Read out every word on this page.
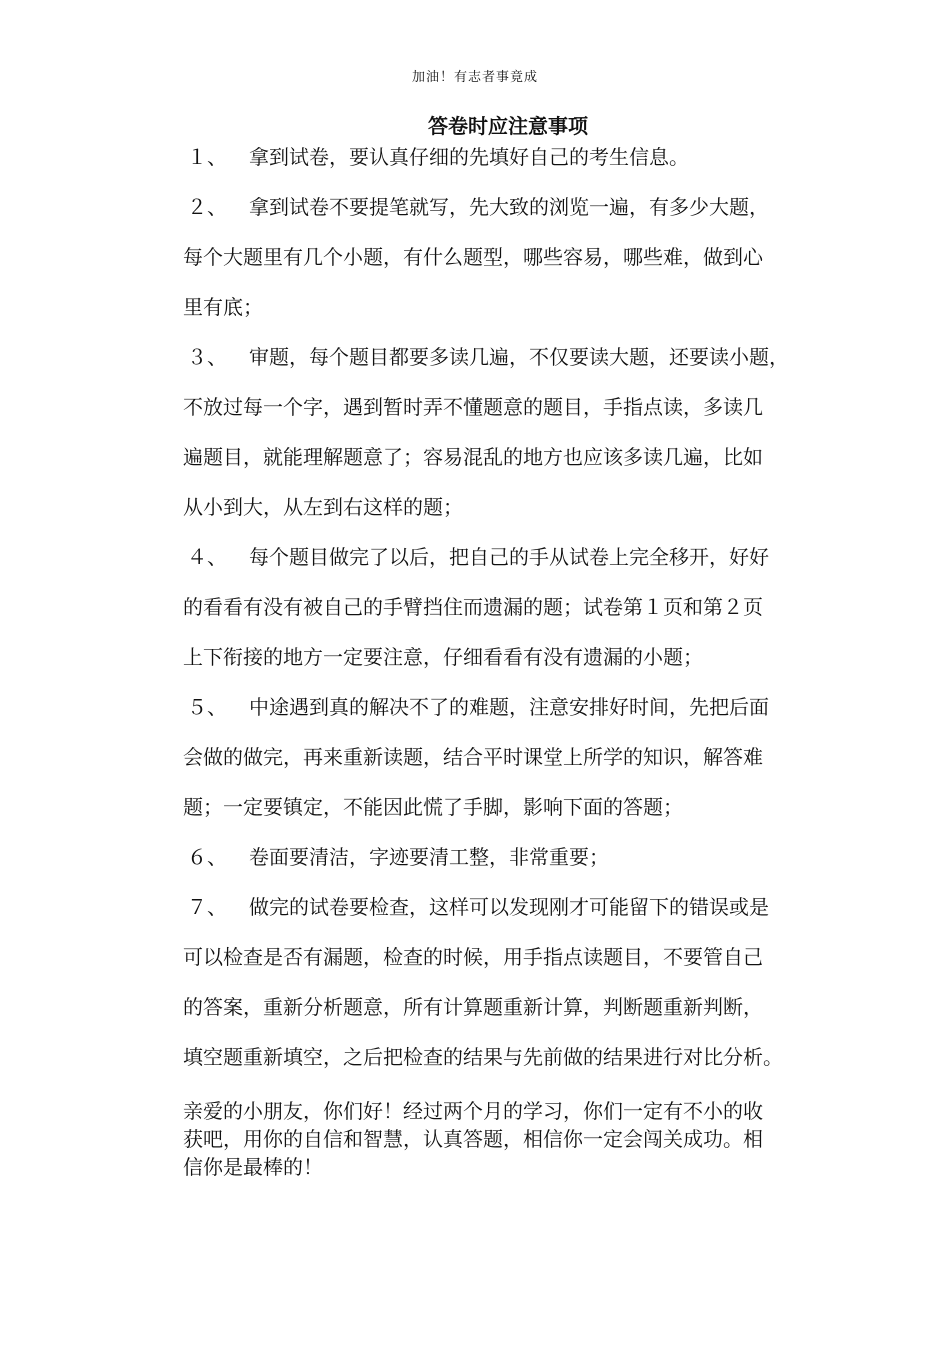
加油！有志者事竟成
答卷时应注意事项
１、 拿到试卷，要认真仔细的先填好自己的考生信息。
２、 拿到试卷不要提笔就写，先大致的浏览一遍，有多少大题，
每个大题里有几个小题，有什么题型，哪些容易，哪些难，做到心
里有底；
３、 审题，每个题目都要多读几遍，不仅要读大题，还要读小题，
不放过每一个字，遇到暂时弄不懂题意的题目，手指点读，多读几
遍题目，就能理解题意了；容易混乱的地方也应该多读几遍，比如
从小到大，从左到右这样的题；
４、 每个题目做完了以后，把自己的手从试卷上完全移开，好好
的看看有没有被自己的手臂挡住而遗漏的题；试卷第１页和第２页
上下衔接的地方一定要注意，仔细看看有没有遗漏的小题；
５、 中途遇到真的解决不了的难题，注意安排好时间，先把后面
会做的做完，再来重新读题，结合平时课堂上所学的知识，解答难
题；一定要镇定，不能因此慌了手脚，影响下面的答题；
６、 卷面要清洁，字迹要清工整，非常重要；
７、 做完的试卷要检查，这样可以发现刚才可能留下的错误或是
可以检查是否有漏题，检查的时候，用手指点读题目，不要管自己
的答案，重新分析题意，所有计算题重新计算，判断题重新判断，
填空题重新填空，之后把检查的结果与先前做的结果进行对比分析。
亲爱的小朋友，你们好！经过两个月的学习，你们一定有不小的收
获吧，用你的自信和智慧，认真答题，相信你一定会闯关成功。相
信你是最棒的！
